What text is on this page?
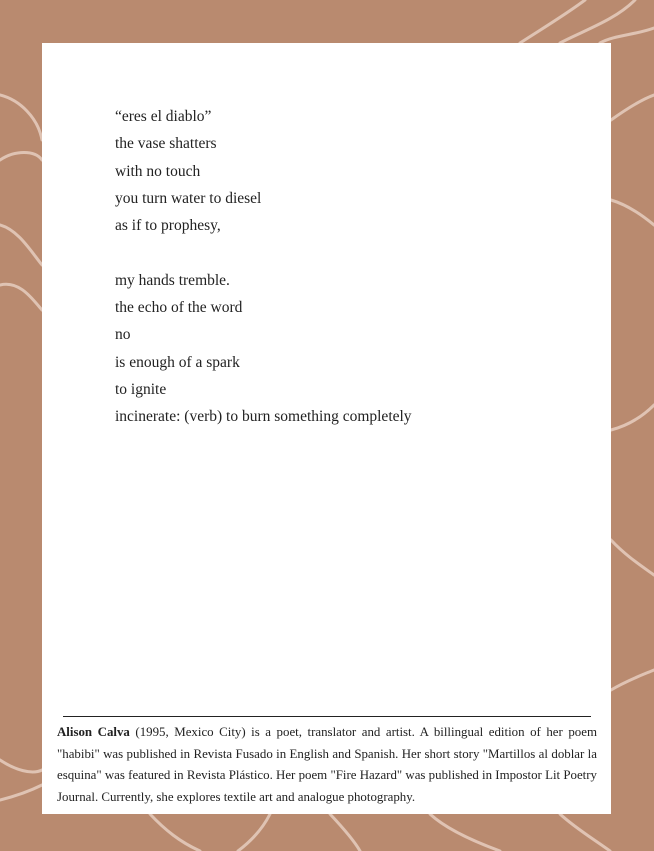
“eres el diablo”
the vase shatters
with no touch
you turn water to diesel
as if to prophesy,
my hands tremble.
the echo of the word
no
is enough of a spark
to ignite
incinerate: (verb) to burn something completely
Alison Calva (1995, Mexico City) is a poet, translator and artist. A billingual edition of her poem "habibi" was published in Revista Fusado in English and Spanish. Her short story "Martillos al doblar la esquina" was featured in Revista Plástico. Her poem "Fire Hazard" was published in Impostor Lit Poetry Journal. Currently, she explores textile art and analogue photography.
